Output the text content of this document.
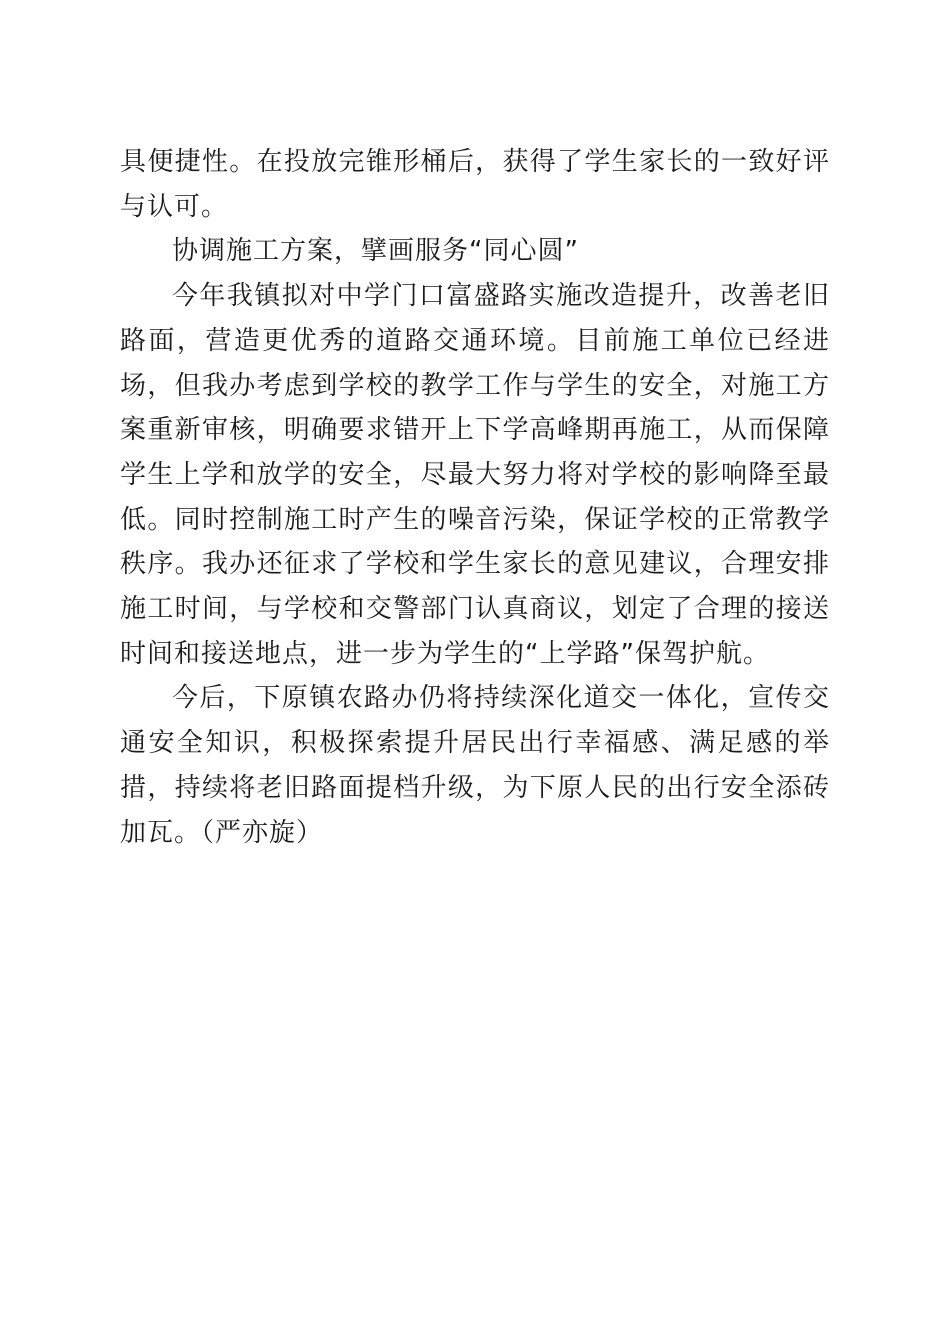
具便捷性。在投放完锥形桶后，获得了学生家长的一致好评与认可。

协调施工方案，擘画服务“同心圆”

今年我镇拟对中学门口富盛路实施改造提升，改善老旧路面，营造更优秀的道路交通环境。目前施工单位已经进场，但我办考虑到学校的教学工作与学生的安全，对施工方案重新审核，明确要求错开上下学高峰期再施工，从而保障学生上学和放学的安全，尽最大努力将对学校的影响降至最低。同时控制施工时产生的噪音污染，保证学校的正常教学秩序。我办还征求了学校和学生家长的意见建议，合理安排施工时间，与学校和交警部门认真商议，划定了合理的接送时间和接送地点，进一步为学生的“上学路”保驾护航。

今后，下原镇农路办仍将持续深化道交一体化，宣传交通安全知识，积极探索提升居民出行幸福感、满足感的举措，持续将老旧路面提档升级，为下原人民的出行安全添砖加瓦。（严亦旋）
